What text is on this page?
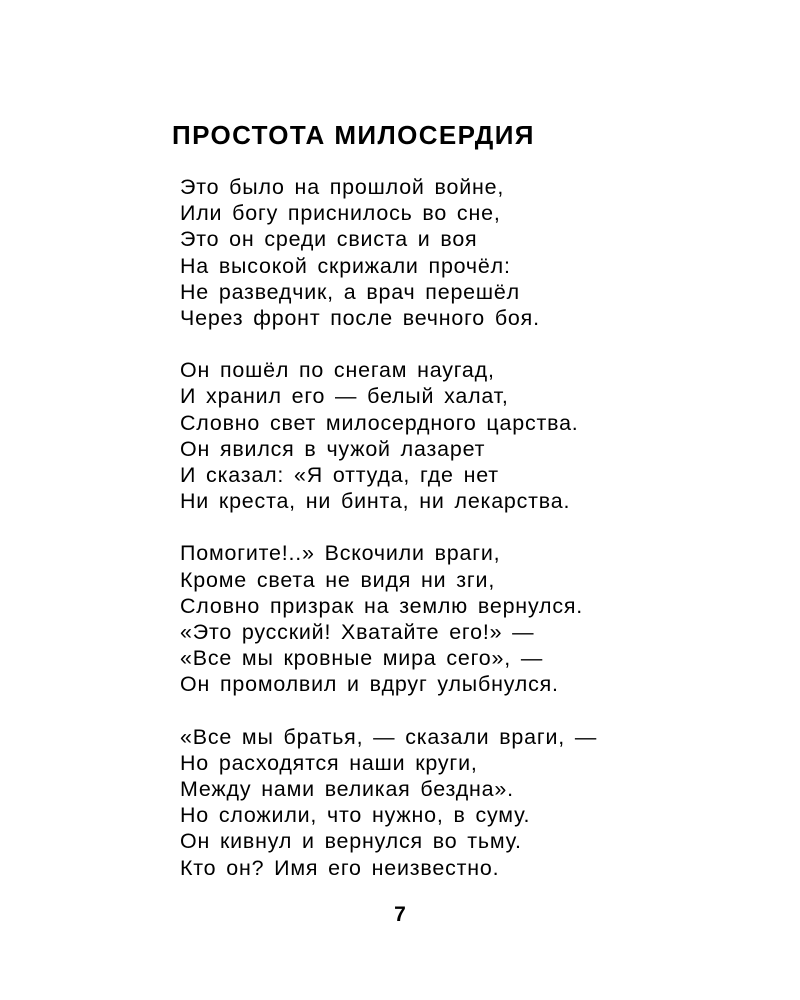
ПРОСТОТА МИЛОСЕРДИЯ
Это было на прошлой войне,
Или богу приснилось во сне,
Это он среди свиста и воя
На высокой скрижали прочёл:
Не разведчик, а врач перешёл
Через фронт после вечного боя.
Он пошёл по снегам наугад,
И хранил его — белый халат,
Словно свет милосердного царства.
Он явился в чужой лазарет
И сказал: «Я оттуда, где нет
Ни креста, ни бинта, ни лекарства.
Помогите!..» Вскочили враги,
Кроме света не видя ни зги,
Словно призрак на землю вернулся.
«Это русский! Хватайте его!» —
«Все мы кровные мира сего», —
Он промолвил и вдруг улыбнулся.
«Все мы братья, — сказали враги, —
Но расходятся наши круги,
Между нами великая бездна».
Но сложили, что нужно, в суму.
Он кивнул и вернулся во тьму.
Кто он? Имя его неизвестно.
7
